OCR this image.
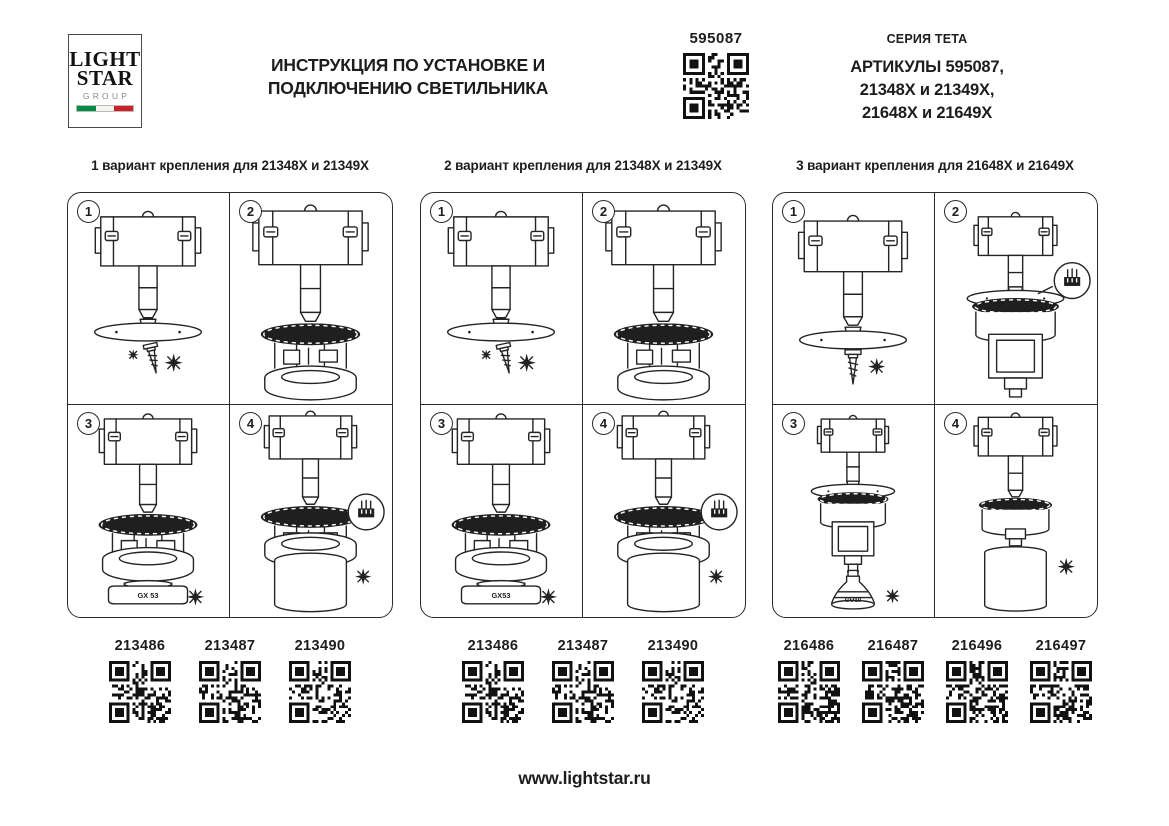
LIGHT
STAR
GROUP
ИНСТРУКЦИЯ ПО УСТАНОВКЕ И
ПОДКЛЮЧЕНИЮ СВЕТИЛЬНИКА
595087	СЕРИЯ TETA
АРТИКУЛЫ 595087,
21348X и 21349X,
21648X и 21649X
1 вариант крепления для 21348X и 21349X
1	2
3
GX 53
4
213486	213487	213490
2 вариант крепления для 21348X и 21349X
1	2
3
GX53
4
213486	213487	213490
3 вариант крепления для 21648X и 21649X
1	2
3
GU10
4
216486	216487	216496	216497
www.lightstar.ru
